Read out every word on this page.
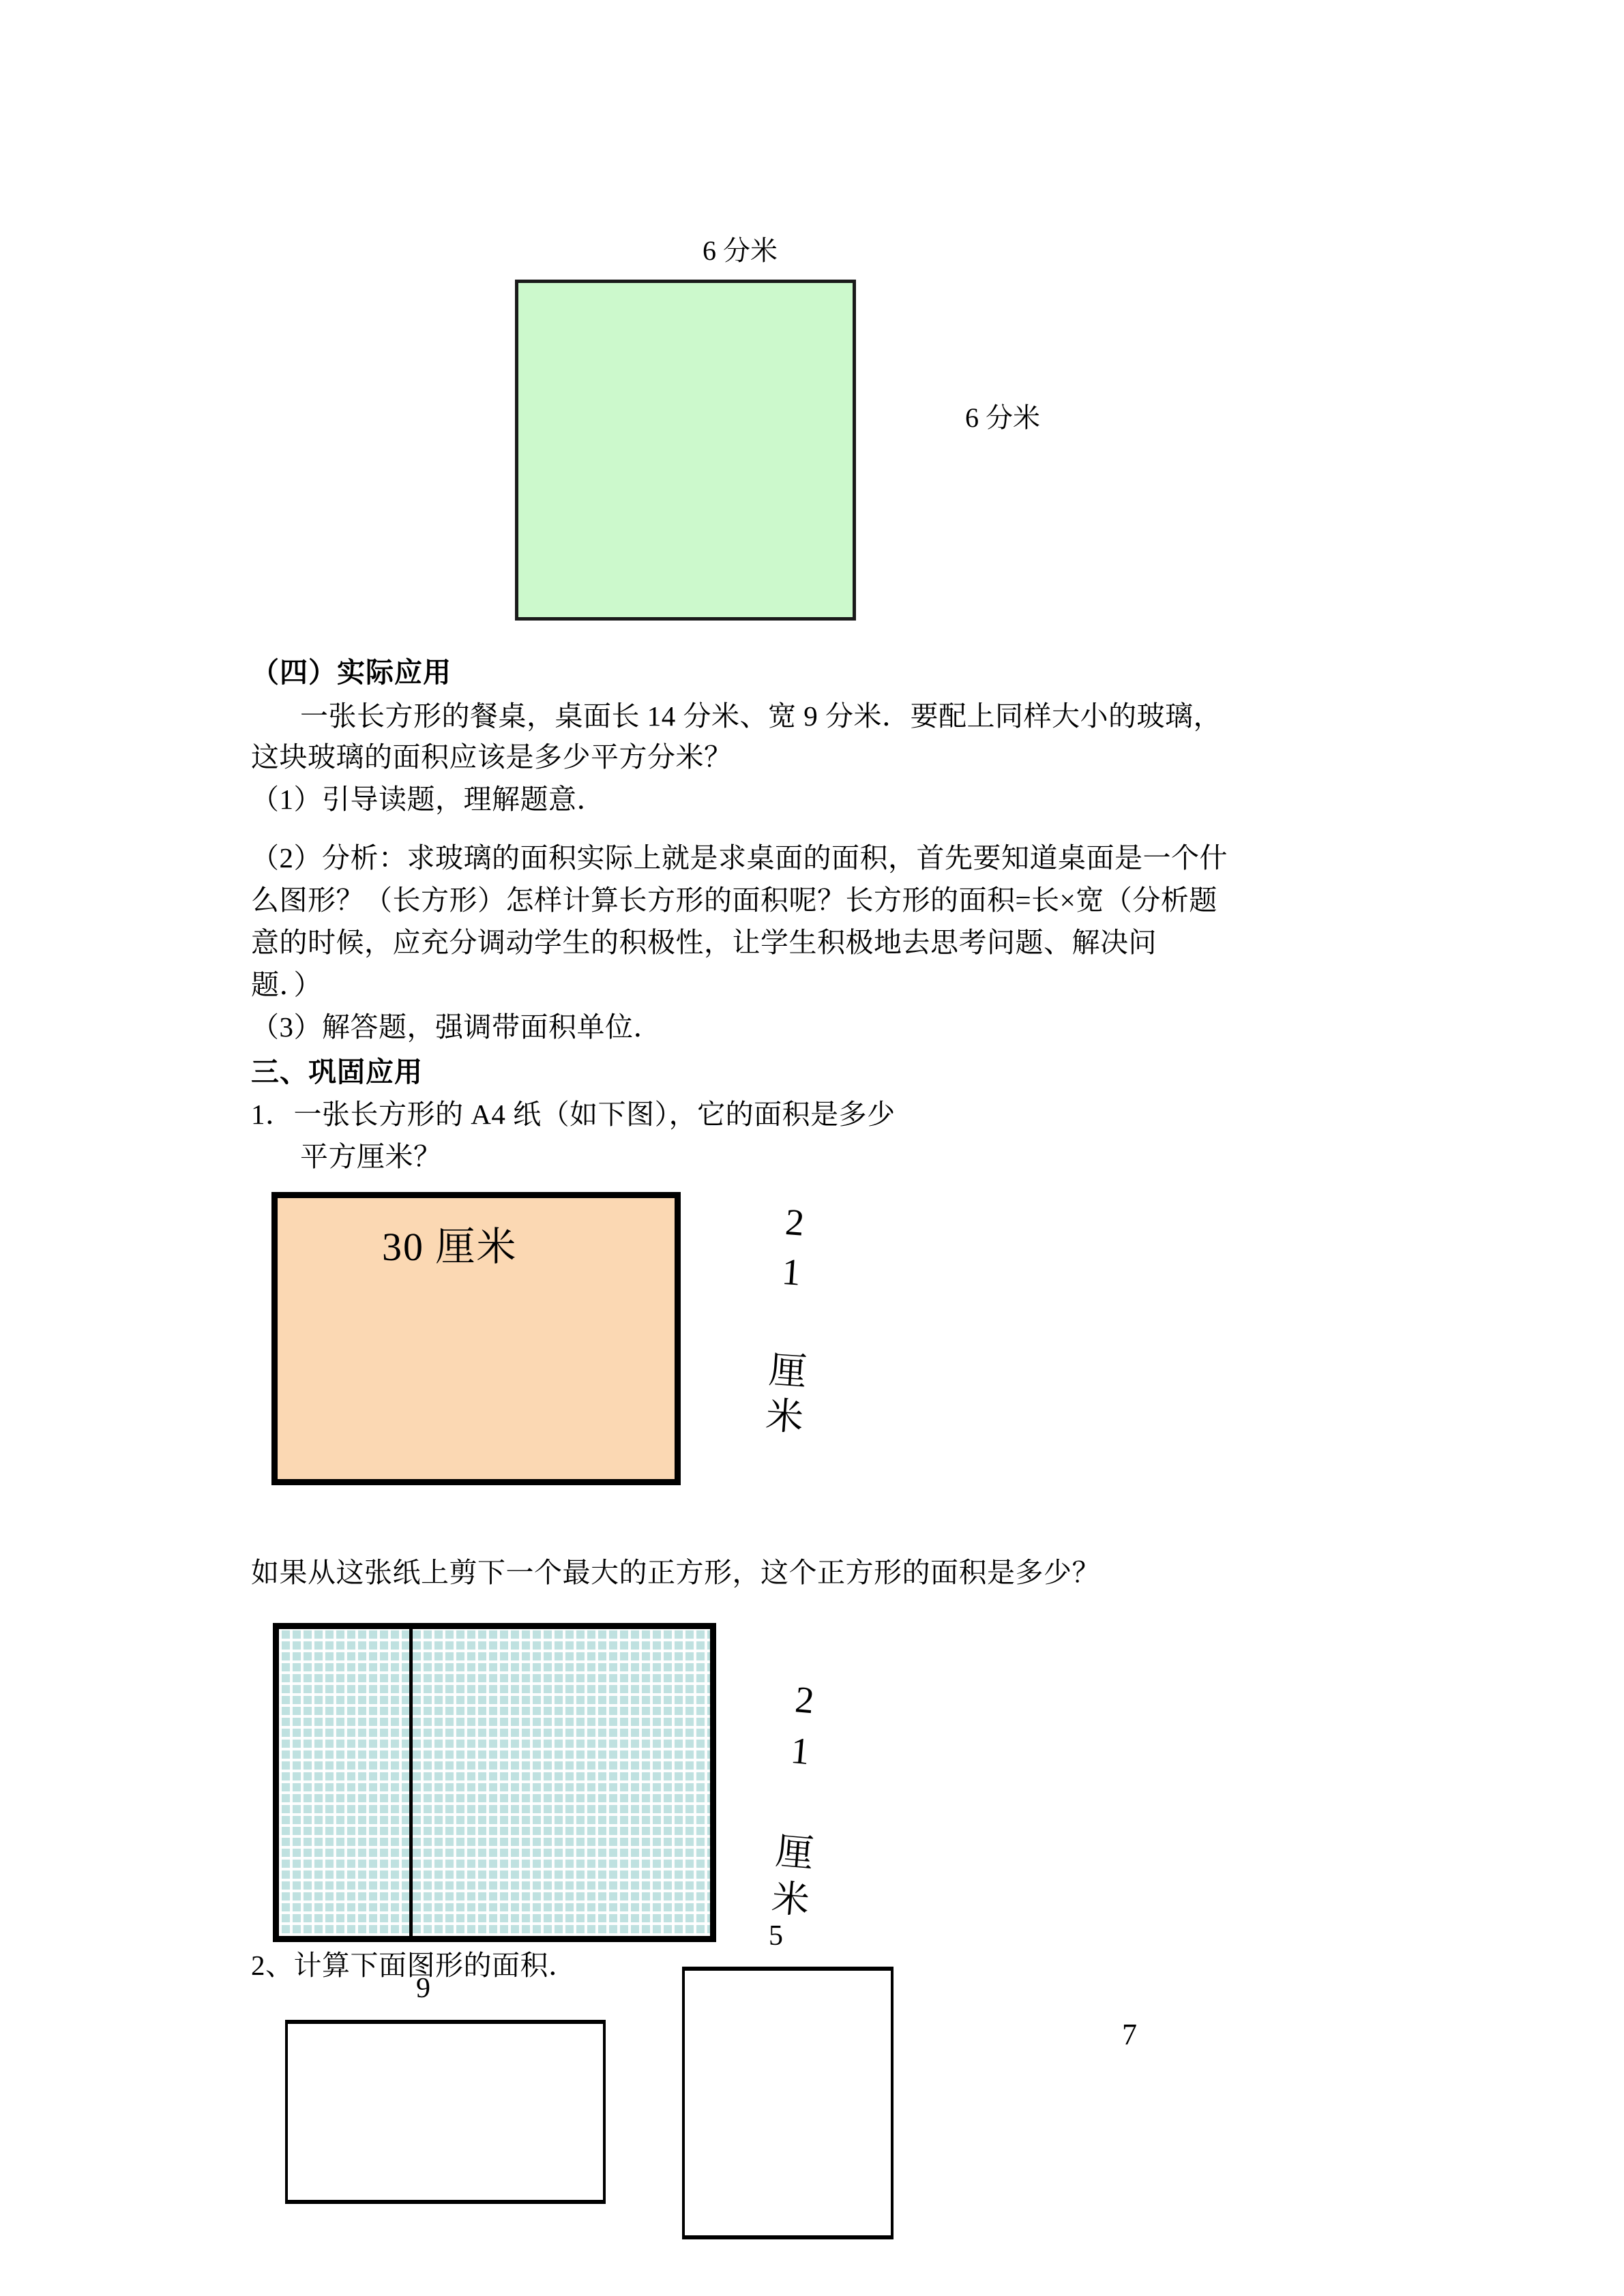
6 分米
6 分米
（四）实际应用
一张长方形的餐桌，桌面长 14 分米、宽 9 分米．要配上同样大小的玻璃，
这块玻璃的面积应该是多少平方分米？
（1）引导读题，理解题意．
（2）分析：求玻璃的面积实际上就是求桌面的面积，首先要知道桌面是一个什
么图形？（长方形）怎样计算长方形的面积呢？长方形的面积=长×宽（分析题
意的时候，应充分调动学生的积极性，让学生积极地去思考问题、解决问
题．）
（3）解答题，强调带面积单位．
三、巩固应用
1．一张长方形的 A4 纸（如下图），它的面积是多少
平方厘米？
30 厘米	21 厘米
如果从这张纸上剪下一个最大的正方形，这个正方形的面积是多少？
21 厘米
2、计算下面图形的面积．
9
5
7
